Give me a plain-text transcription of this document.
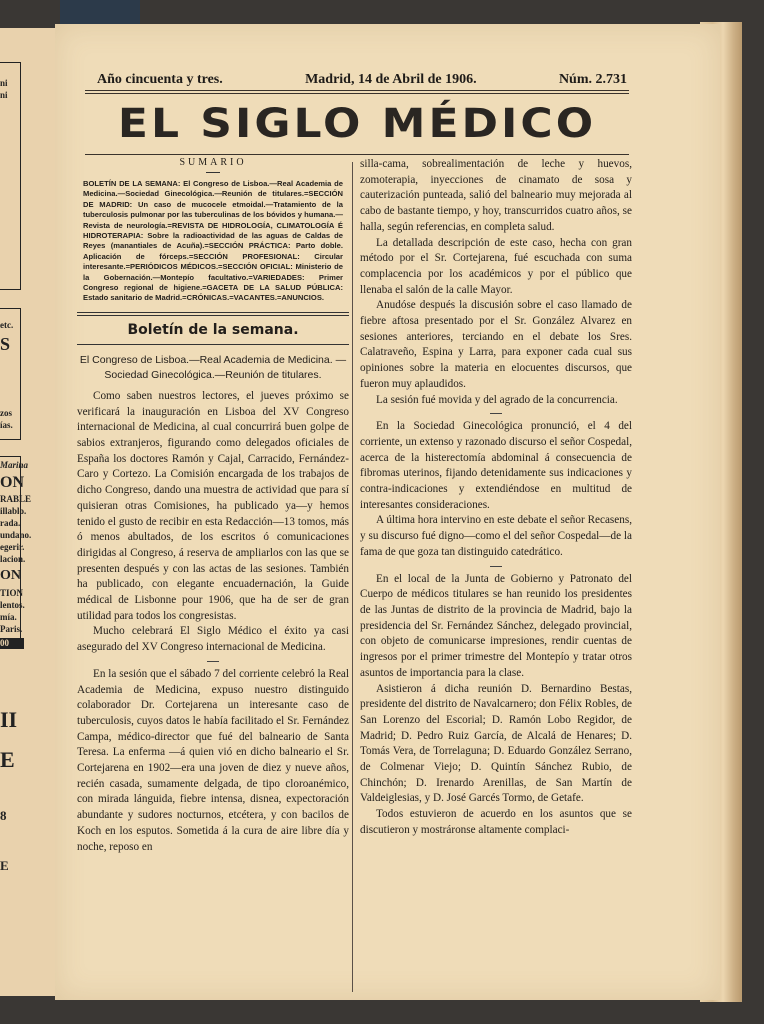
ni
ni
etc.
S
zos
ías.
Marina
ON
RABLE
illablo.
rada.
undano.
egerir.
lacion.
ON
TION
lentos.
mía.
Paris.
00
II
E
8
E
Año cincuenta y tres.	Madrid, 14 de Abril de 1906.	Núm. 2.731
EL SIGLO MÉDICO

SUMARIO

BOLETÍN DE LA SEMANA: El Congreso de Lisboa.—Real Academia de Medicina.—Sociedad Ginecológica.—Reunión de titulares.=SECCIÓN DE MADRID: Un caso de mucocele etmoidal.—Tratamiento de la tuberculosis pulmonar por las tuberculinas de los bóvidos y humana.—Revista de neurología.=REVISTA DE HIDROLOGÍA, CLIMATOLOGÍA É HIDROTERAPIA: Sobre la radioactividad de las aguas de Caldas de Reyes (manantiales de Acuña).=SECCIÓN PRÁCTICA: Parto doble. Aplicación de fórceps.=SECCIÓN PROFESIONAL: Circular interesante.=PERIÓDICOS MÉDICOS.=SECCIÓN OFICIAL: Ministerio de la Gobernación.—Montepío facultativo.=VARIEDADES: Primer Congreso regional de higiene.=GACETA DE LA SALUD PÚBLICA: Estado sanitario de Madrid.=CRÓNICAS.=VACANTES.=ANUNCIOS.

Boletín de la semana.

El Congreso de Lisboa.—Real Academia de Medicina. —Sociedad Ginecológica.—Reunión de titulares.

Como saben nuestros lectores, el jueves próximo se verificará la inauguración en Lisboa del XV Congreso internacional de Medicina, al cual concurrirá buen golpe de sabios extranjeros, figurando como delegados oficiales de España los doctores Ramón y Cajal, Carracido, Fernández-Caro y Cortezo. La Comisión encargada de los trabajos de dicho Congreso, dando una muestra de actividad que para sí quisieran otras Comisiones, ha publicado ya—y hemos tenido el gusto de recibir en esta Redacción—13 tomos, más ó menos abultados, de los escritos ó comunicaciones dirigidas al Congreso, á reserva de ampliarlos con las que se presenten después y con las actas de las sesiones. También ha publicado, con elegante encuadernación, la Guide médical de Lisbonne pour 1906, que ha de ser de gran utilidad para todos los congresistas.

Mucho celebrará El Siglo Médico el éxito ya casi asegurado del XV Congreso internacional de Medicina.

En la sesión que el sábado 7 del corriente celebró la Real Academia de Medicina, expuso nuestro distinguido colaborador Dr. Cortejarena un interesante caso de tuberculosis, cuyos datos le había facilitado el Sr. Fernández Campa, médico-director que fué del balneario de Santa Teresa. La enferma —á quien vió en dicho balneario el Sr. Cortejarena en 1902—era una joven de diez y nueve años, recién casada, sumamente delgada, de tipo cloroanémico, con mirada lánguida, fiebre intensa, disnea, expectoración abundante y sudores nocturnos, etcétera, y con bacilos de Koch en los esputos. Sometida á la cura de aire libre día y noche, reposo en

silla-cama, sobrealimentación de leche y huevos, zomoterapia, inyecciones de cinamato de sosa y cauterización punteada, salió del balneario muy mejorada al cabo de bastante tiempo, y hoy, transcurridos cuatro años, se halla, según referencias, en completa salud.

La detallada descripción de este caso, hecha con gran método por el Sr. Cortejarena, fué escuchada con suma complacencia por los académicos y por el público que llenaba el salón de la calle Mayor.

Anudóse después la discusión sobre el caso llamado de fiebre aftosa presentado por el Sr. González Alvarez en sesiones anteriores, terciando en el debate los Sres. Calatraveño, Espina y Larra, para exponer cada cual sus opiniones sobre la materia en elocuentes discursos, que fueron muy aplaudidos.

La sesión fué movida y del agrado de la concurrencia.

En la Sociedad Ginecológica pronunció, el 4 del corriente, un extenso y razonado discurso el señor Cospedal, acerca de la histerectomía abdominal á consecuencia de fibromas uterinos, fijando detenidamente sus indicaciones y contra-indicaciones y extendiéndose en multitud de interesantes consideraciones.

A última hora intervino en este debate el señor Recasens, y su discurso fué digno—como el del señor Cospedal—de la fama de que goza tan distinguido catedrático.

En el local de la Junta de Gobierno y Patronato del Cuerpo de médicos titulares se han reunido los presidentes de las Juntas de distrito de la provincia de Madrid, bajo la presidencia del Sr. Fernández Sánchez, delegado provincial, con objeto de comunicarse impresiones, rendir cuentas de ingresos por el primer trimestre del Montepío y tratar otros asuntos de importancia para la clase.

Asistieron á dicha reunión D. Bernardino Bestas, presidente del distrito de Navalcarnero; don Félix Robles, de San Lorenzo del Escorial; D. Ramón Lobo Regidor, de Madrid; D. Pedro Ruiz García, de Alcalá de Henares; D. Tomás Vera, de Torrelaguna; D. Eduardo González Serrano, de Colmenar Viejo; D. Quintín Sánchez Rubio, de Chinchón; D. Irenardo Arenillas, de San Martín de Valdeiglesias, y D. José Garcés Tormo, de Getafe.

Todos estuvieron de acuerdo en los asuntos que se discutieron y mostráronse altamente complaci-
